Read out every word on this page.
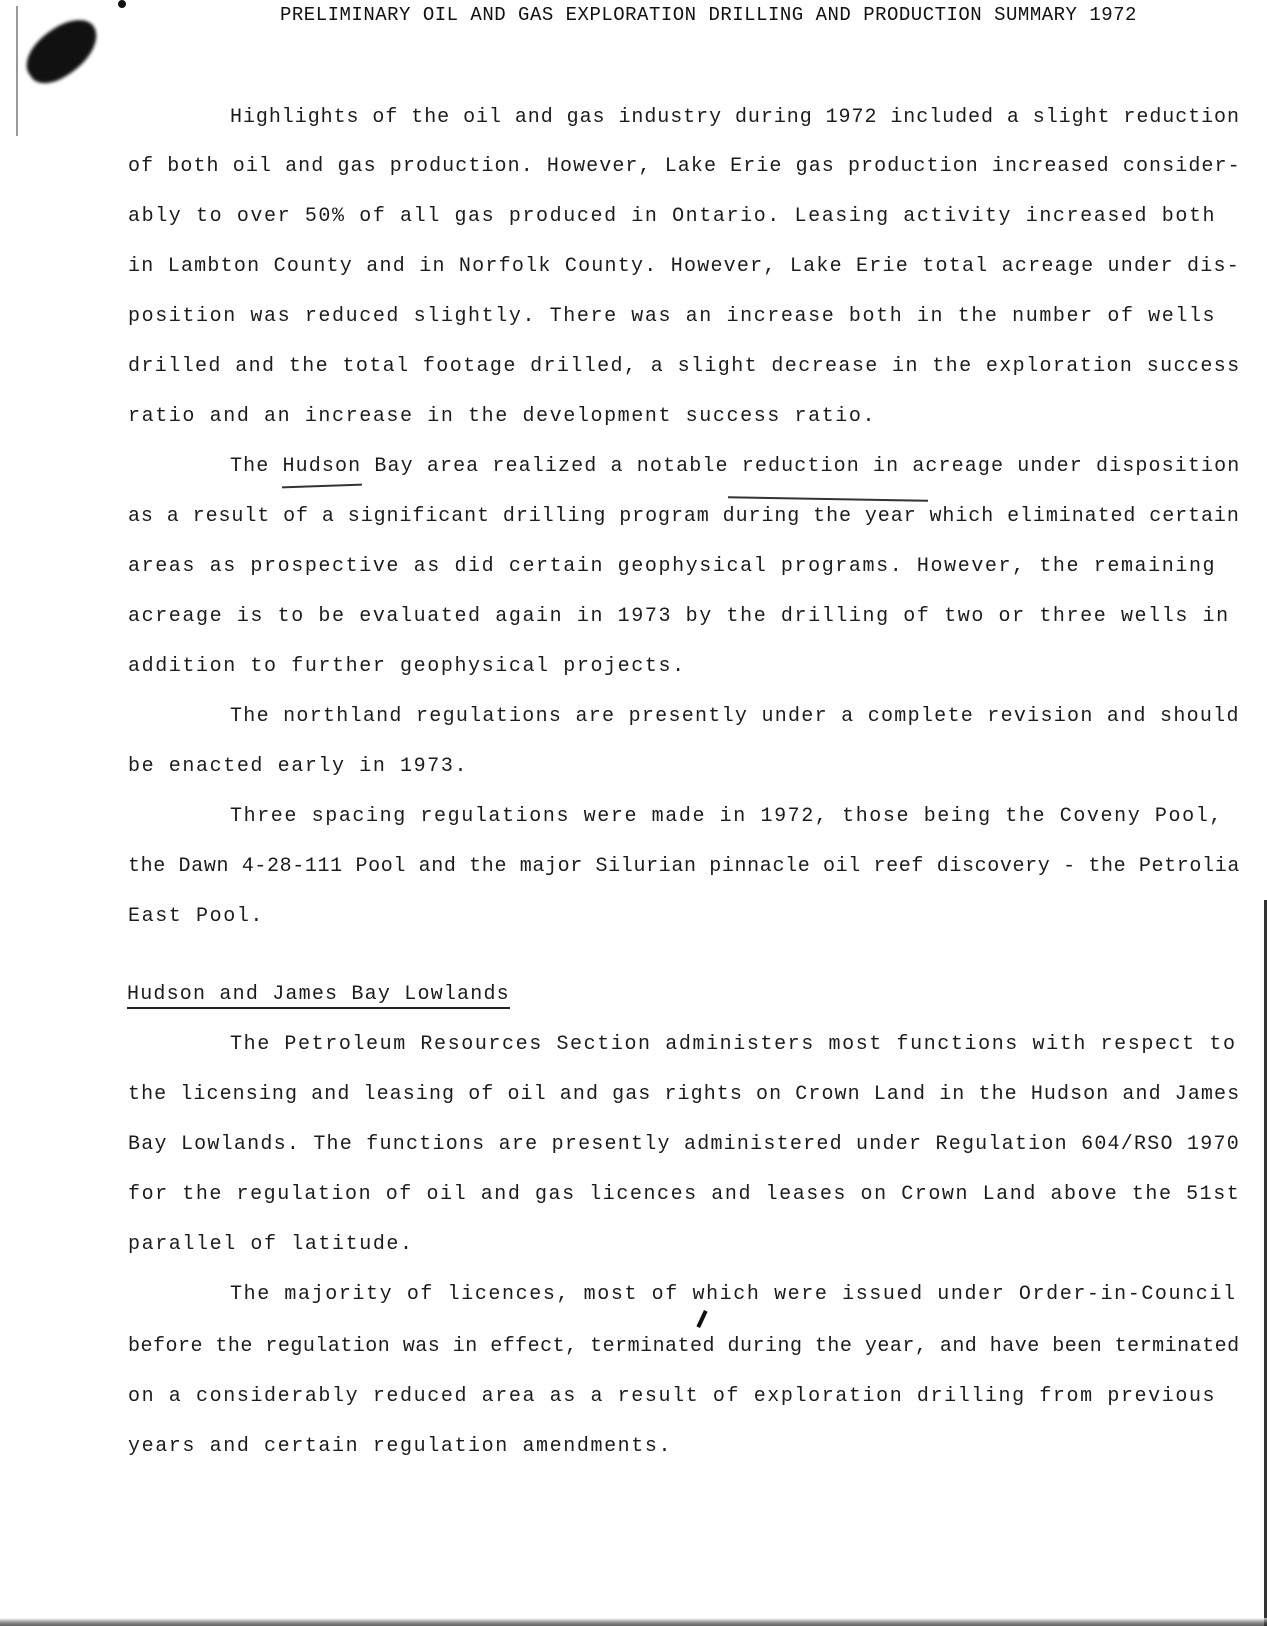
PRELIMINARY OIL AND GAS EXPLORATION DRILLING AND PRODUCTION SUMMARY 1972
Highlights of the oil and gas industry during 1972 included a slight reduction
of both oil and gas production. However, Lake Erie gas production increased consider-
ably to over 50% of all gas produced in Ontario. Leasing activity increased both
in Lambton County and in Norfolk County. However, Lake Erie total acreage under dis-
position was reduced slightly. There was an increase both in the number of wells
drilled and the total footage drilled, a slight decrease in the exploration success
ratio and an increase in the development success ratio.
The Hudson Bay area realized a notable reduction in acreage under disposition
as a result of a significant drilling program during the year which eliminated certain
areas as prospective as did certain geophysical programs. However, the remaining
acreage is to be evaluated again in 1973 by the drilling of two or three wells in
addition to further geophysical projects.
The northland regulations are presently under a complete revision and should
be enacted early in 1973.
Three spacing regulations were made in 1972, those being the Coveny Pool,
the Dawn 4-28-111 Pool and the major Silurian pinnacle oil reef discovery - the Petrolia
East Pool.
Hudson and James Bay Lowlands
The Petroleum Resources Section administers most functions with respect to
the licensing and leasing of oil and gas rights on Crown Land in the Hudson and James
Bay Lowlands. The functions are presently administered under Regulation 604/RSO 1970
for the regulation of oil and gas licences and leases on Crown Land above the 51st
parallel of latitude.
The majority of licences, most of which were issued under Order-in-Council
before the regulation was in effect, terminated during the year, and have been terminated
on a considerably reduced area as a result of exploration drilling from previous
years and certain regulation amendments.
